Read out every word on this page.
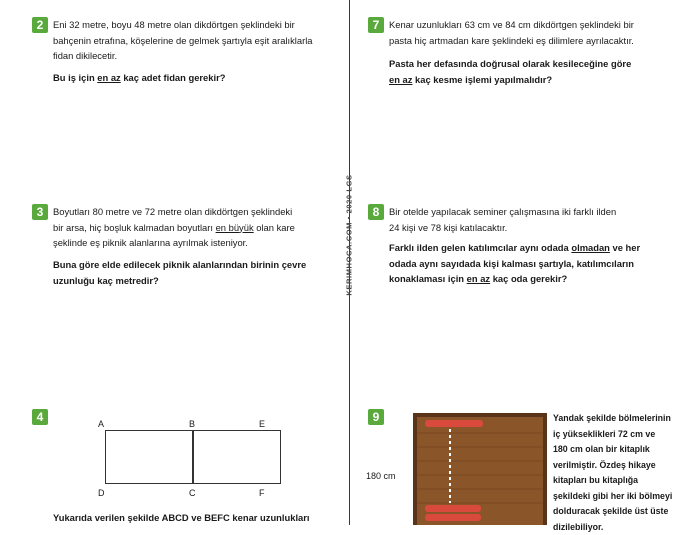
KERIMHOCA.COM • 2020 LGS
2	Eni 32 metre, boyu 48 metre olan dikdörtgen şeklindeki bir
bahçenin etrafına, köşelerine de gelmek şartıyla eşit aralıklarla
fidan dikilecetir.

Bu iş için en az kaç adet fidan gerekir?

3	Boyutları 80 metre ve 72 metre olan dikdörtgen şeklindeki
bir arsa, hiç boşluk kalmadan boyutları en büyük olan kare
şeklinde eş piknik alanlarına ayrılmak isteniyor.

Buna göre elde edilecek piknik alanlarından birinin çevre
uzunluğu kaç metredir?

4	A	B	E
D	C	F

Yukarıda verilen şekilde ABCD ve BEFC kenar uzunlukları

7	Kenar uzunlukları 63 cm ve 84 cm dikdörtgen şeklindeki bir
pasta hiç artmadan kare şeklindeki eş dilimlere ayrılacaktır.

Pasta her defasında doğrusal olarak kesileceğine göre
en az kaç kesme işlemi yapılmalıdır?

8	Bir otelde yapılacak seminer çalışmasına iki farklı ilden
24 kişi ve 78 kişi katılacaktır.

Farklı ilden gelen katılımcılar aynı odada olmadan ve her
odada aynı sayıdada kişi kalması şartıyla, katılımcıların
konaklaması için en az kaç oda gerekir?

9
180 cm

Yandak şekilde bölmelerinin
iç yükseklikleri 72 cm ve
180 cm olan bir kitaplık
verilmiştir. Özdeş hikaye
kitapları bu kitaplığa
şekildeki gibi her iki bölmeyi
dolduracak şekilde üst üste
dizilebiliyor.
